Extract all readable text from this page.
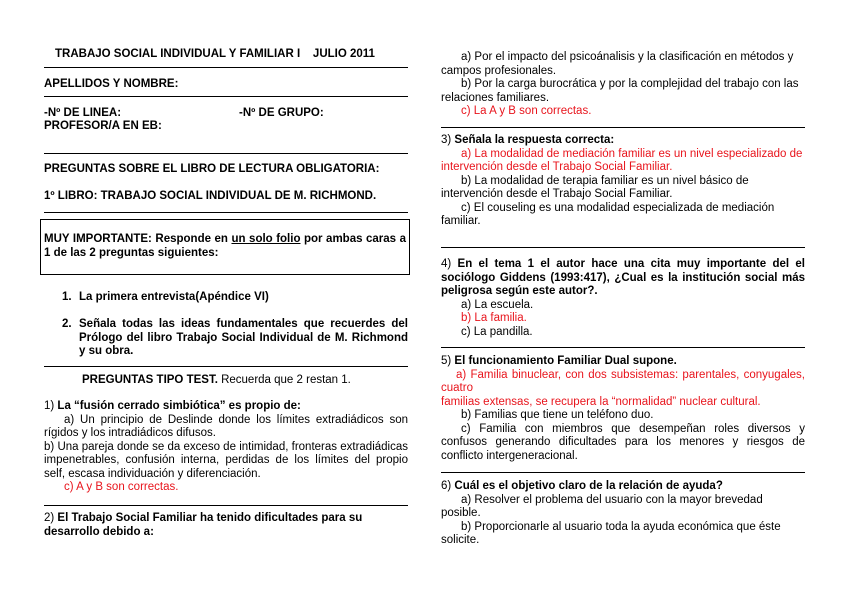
TRABAJO SOCIAL INDIVIDUAL Y FAMILIAR I    JULIO 2011
APELLIDOS Y NOMBRE:
-Nº DE LINEA:	-Nº DE GRUPO:
PROFESOR/A EN EB:
PREGUNTAS SOBRE EL LIBRO DE LECTURA OBLIGATORIA:
1º LIBRO: TRABAJO SOCIAL INDIVIDUAL DE M. RICHMOND.
MUY IMPORTANTE: Responde en un solo folio por ambas caras a 1 de las 2 preguntas siguientes:
1. La primera entrevista(Apéndice VI)
2. Señala todas las ideas fundamentales que recuerdes del Prólogo del libro Trabajo Social Individual de M. Richmond y su obra.
PREGUNTAS TIPO TEST. Recuerda que 2 restan 1.
1) La “fusión cerrado simbiótica” es propio de:
a) Un principio de Deslinde donde los límites extradiádicos son rígidos y los intradiádicos difusos.
b) Una pareja donde se da exceso de intimidad, fronteras extradiádicas impenetrables, confusión interna, perdidas de los límites del propio self, escasa individuación y diferenciación.
c) A y B son correctas.
2) El Trabajo Social Familiar ha tenido dificultades para su desarrollo debido a:
a) Por el impacto del psicoánalisis y la clasificación en métodos y campos profesionales.
b) Por la carga burocrática y por la complejidad del trabajo con las relaciones familiares.
c) La A y B son correctas.
3) Señala la respuesta correcta:
a) La modalidad de mediación familiar es un nivel especializado de intervención desde el Trabajo Social Familiar.
b) La modalidad de terapia familiar es un nivel básico de intervención desde el Trabajo Social Familiar.
c) El couseling es una modalidad especializada de mediación familiar.
4) En el tema 1 el autor hace una cita muy importante del el sociólogo Giddens (1993:417), ¿Cual es la institución social más peligrosa según este autor?.
a) La escuela.
b) La familia.
c) La pandilla.
5) El funcionamiento Familiar Dual supone.
a) Familia binuclear, con dos subsistemas: parentales, conyugales, cuatro
familias extensas, se recupera la “normalidad” nuclear cultural.
b) Familias que tiene un teléfono duo.
c) Familia con miembros que desempeñan roles diversos y confusos generando dificultades para los menores y riesgos de conflicto intergeneracional.
6) Cuál es el objetivo claro de la relación de ayuda?
a) Resolver el problema del usuario con la mayor brevedad posible.
b) Proporcionarle al usuario toda la ayuda económica que éste solicite.
